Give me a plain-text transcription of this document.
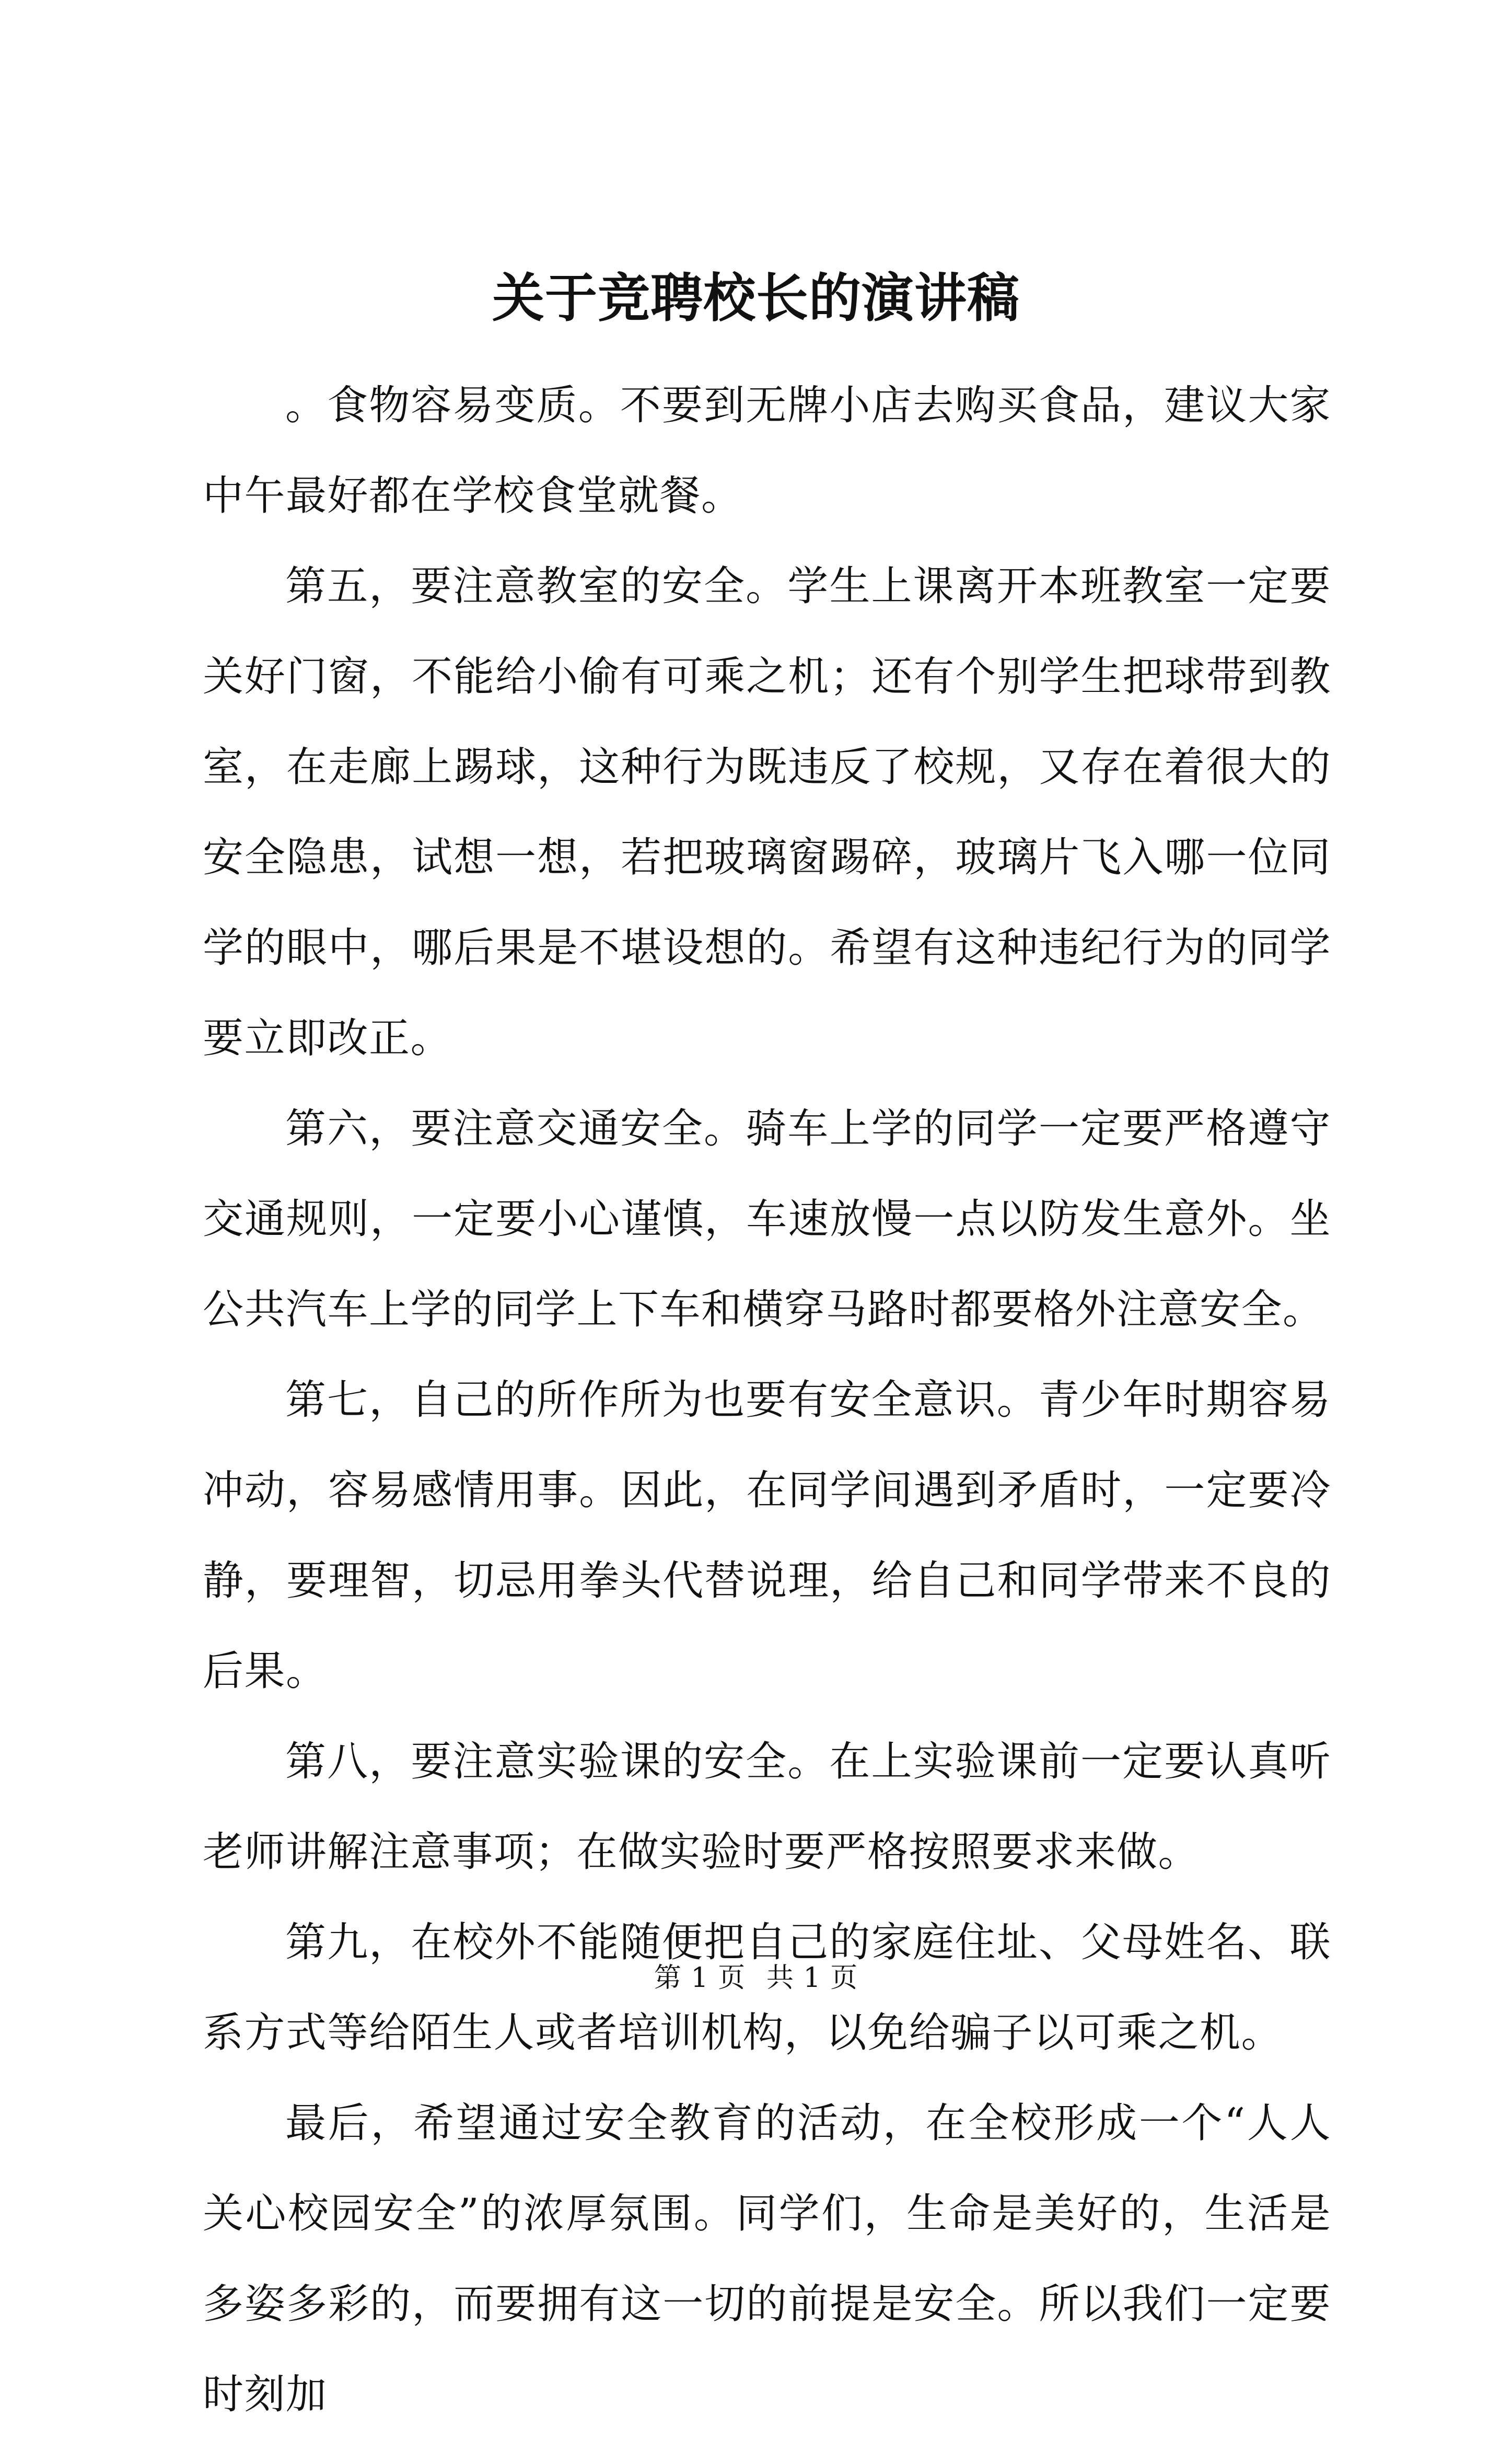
关于竞聘校长的演讲稿

。食物容易变质。不要到无牌小店去购买食品，建议大家中午最好都在学校食堂就餐。

第五，要注意教室的安全。学生上课离开本班教室一定要关好门窗，不能给小偷有可乘之机；还有个别学生把球带到教室，在走廊上踢球，这种行为既违反了校规，又存在着很大的安全隐患，试想一想，若把玻璃窗踢碎，玻璃片飞入哪一位同学的眼中，哪后果是不堪设想的。希望有这种违纪行为的同学要立即改正。

第六，要注意交通安全。骑车上学的同学一定要严格遵守交通规则，一定要小心谨慎，车速放慢一点以防发生意外。坐公共汽车上学的同学上下车和横穿马路时都要格外注意安全。

第七，自己的所作所为也要有安全意识。青少年时期容易冲动，容易感情用事。因此，在同学间遇到矛盾时，一定要冷静，要理智，切忌用拳头代替说理，给自己和同学带来不良的后果。

第八，要注意实验课的安全。在上实验课前一定要认真听老师讲解注意事项；在做实验时要严格按照要求来做。

第九，在校外不能随便把自己的家庭住址、父母姓名、联系方式等给陌生人或者培训机构，以免给骗子以可乘之机。

最后，希望通过安全教育的活动，在全校形成一个“人人关心校园安全”的浓厚氛围。同学们，生命是美好的，生活是多姿多彩的，而要拥有这一切的前提是安全。所以我们一定要时刻加

第 1 页 共 1 页
